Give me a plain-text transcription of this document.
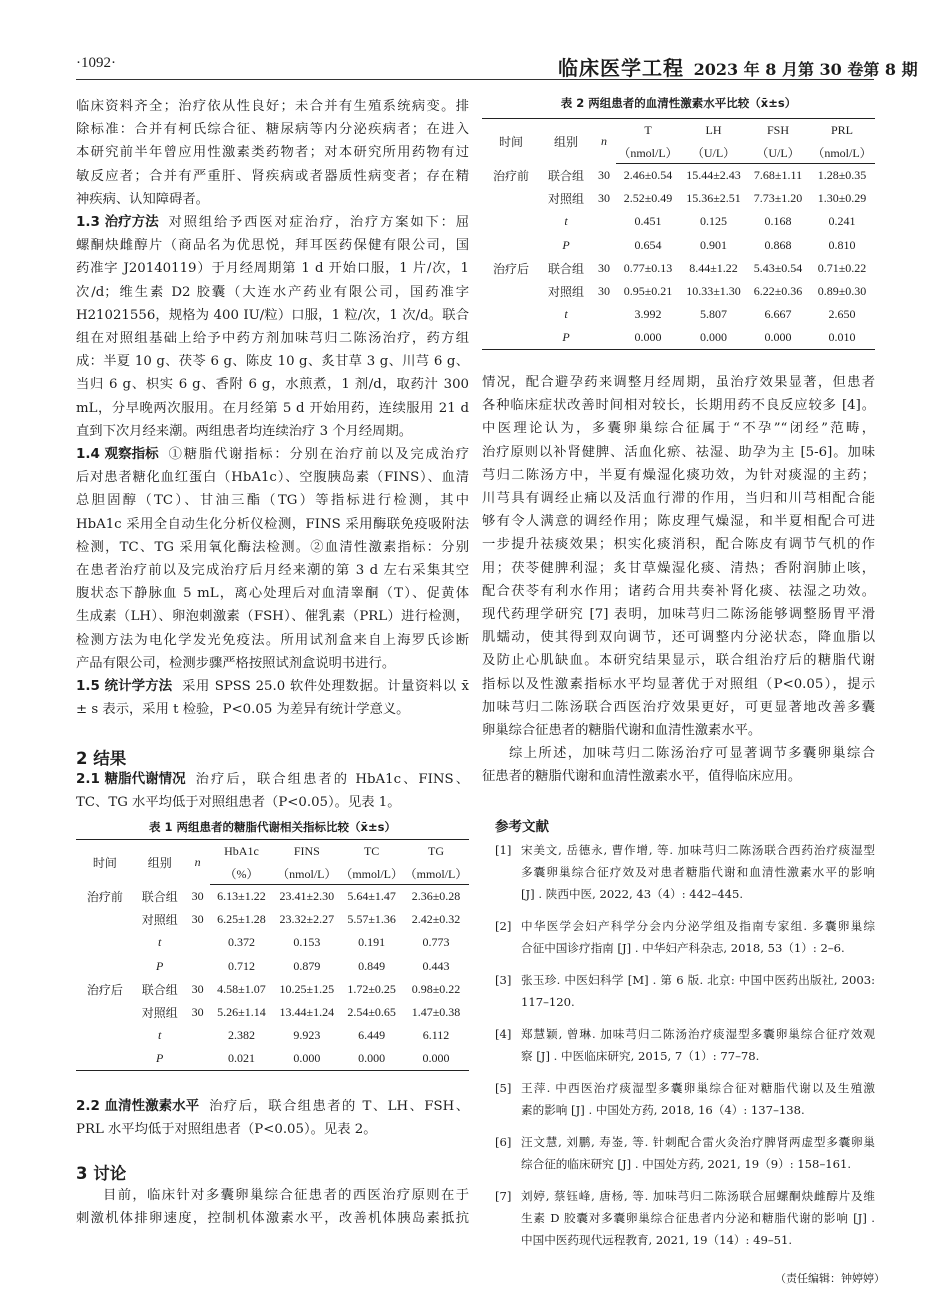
·1092·	临床医学工程 2023 年 8 月第 30 卷第 8 期
临床资料齐全；治疗依从性良好；未合并有生殖系统病变。排
除标准：合并有柯氏综合征、糖尿病等内分泌疾病者；在进入
本研究前半年曾应用性激素类药物者；对本研究所用药物有过
敏反应者；合并有严重肝、肾疾病或者器质性病变者；存在精
神疾病、认知障碍者。
1.3 治疗方法 对照组给予西医对症治疗，治疗方案如下：屈
螺酮炔雌醇片（商品名为优思悦，拜耳医药保健有限公司，国
药准字 J20140119）于月经周期第 1 d 开始口服，1 片/次，1
次/d；维生素 D2 胶囊（大连水产药业有限公司，国药准字
H21021556，规格为 400 IU/粒）口服，1 粒/次，1 次/d。联合
组在对照组基础上给予中药方剂加味芎归二陈汤治疗，药方组
成：半夏 10 g、茯苓 6 g、陈皮 10 g、炙甘草 3 g、川芎 6 g、
当归 6 g、枳实 6 g、香附 6 g，水煎煮，1 剂/d，取药汁 300
mL，分早晚两次服用。在月经第 5 d 开始用药，连续服用 21 d
直到下次月经来潮。两组患者均连续治疗 3 个月经周期。
1.4 观察指标 ①糖脂代谢指标：分别在治疗前以及完成治疗
后对患者糖化血红蛋白（HbA1c）、空腹胰岛素（FINS）、血清
总胆固醇（TC）、甘油三酯（TG）等指标进行检测，其中
HbA1c 采用全自动生化分析仪检测，FINS 采用酶联免疫吸附法
检测，TC、TG 采用氧化酶法检测。②血清性激素指标：分别
在患者治疗前以及完成治疗后月经来潮的第 3 d 左右采集其空
腹状态下静脉血 5 mL，离心处理后对血清睾酮（T）、促黄体
生成素（LH）、卵泡刺激素（FSH）、催乳素（PRL）进行检测，
检测方法为电化学发光免疫法。所用试剂盒来自上海罗氏诊断
产品有限公司，检测步骤严格按照试剂盒说明书进行。
1.5 统计学方法 采用 SPSS 25.0 软件处理数据。计量资料以 x̄
± s 表示，采用 t 检验，P<0.05 为差异有统计学意义。
2 结果
2.1 糖脂代谢情况 治疗后，联合组患者的 HbA1c、FINS、
TC、TG 水平均低于对照组患者（P<0.05）。见表 1。
表 1 两组患者的糖脂代谢相关指标比较（x̄±s）
时间	组别	n	HbA1c	FINS	TC	TG
			（%）	（nmol/L）	（mmol/L）	（mmol/L）
治疗前	联合组	30	6.13±1.22	23.41±2.30	5.64±1.47	2.36±0.28
	对照组	30	6.25±1.28	23.32±2.27	5.57±1.36	2.42±0.32
	t		0.372	0.153	0.191	0.773
	P		0.712	0.879	0.849	0.443
治疗后	联合组	30	4.58±1.07	10.25±1.25	1.72±0.25	0.98±0.22
	对照组	30	5.26±1.14	13.44±1.24	2.54±0.65	1.47±0.38
	t		2.382	9.923	6.449	6.112
	P		0.021	0.000	0.000	0.000
2.2 血清性激素水平 治疗后，联合组患者的 T、LH、FSH、
PRL 水平均低于对照组患者（P<0.05）。见表 2。
3 讨论
目前，临床针对多囊卵巢综合征患者的西医治疗原则在于
刺激机体排卵速度，控制机体激素水平，改善机体胰岛素抵抗
表 2 两组患者的血清性激素水平比较（x̄±s）
时间	组别	n	T	LH	FSH	PRL
			（nmol/L）	（U/L）	（U/L）	（nmol/L）
治疗前	联合组	30	2.46±0.54	15.44±2.43	7.68±1.11	1.28±0.35
	对照组	30	2.52±0.49	15.36±2.51	7.73±1.20	1.30±0.29
	t		0.451	0.125	0.168	0.241
	P		0.654	0.901	0.868	0.810
治疗后	联合组	30	0.77±0.13	8.44±1.22	5.43±0.54	0.71±0.22
	对照组	30	0.95±0.21	10.33±1.30	6.22±0.36	0.89±0.30
	t		3.992	5.807	6.667	2.650
	P		0.000	0.000	0.000	0.010
情况，配合避孕药来调整月经周期，虽治疗效果显著，但患者
各种临床症状改善时间相对较长，长期用药不良反应较多 [4]。
中医理论认为，多囊卵巢综合征属于“不孕”“闭经”范畴，
治疗原则以补肾健脾、活血化瘀、祛湿、助孕为主 [5-6]。加味
芎归二陈汤方中，半夏有燥湿化痰功效，为针对痰湿的主药；
川芎具有调经止痛以及活血行滞的作用，当归和川芎相配合能
够有令人满意的调经作用；陈皮理气燥湿，和半夏相配合可进
一步提升祛痰效果；枳实化痰消积，配合陈皮有调节气机的作
用；茯苓健脾利湿；炙甘草燥湿化痰、清热；香附润肺止咳，
配合茯苓有利水作用；诸药合用共奏补肾化痰、祛湿之功效。
现代药理学研究 [7] 表明，加味芎归二陈汤能够调整肠胃平滑
肌蠕动，使其得到双向调节，还可调整内分泌状态，降血脂以
及防止心肌缺血。本研究结果显示，联合组治疗后的糖脂代谢
指标以及性激素指标水平均显著优于对照组（P<0.05），提示
加味芎归二陈汤联合西医治疗效果更好，可更显著地改善多囊
卵巢综合征患者的糖脂代谢和血清性激素水平。
综上所述，加味芎归二陈汤治疗可显著调节多囊卵巢综合
征患者的糖脂代谢和血清性激素水平，值得临床应用。
参考文献
[1] 宋美文, 岳德永, 曹作增, 等. 加味芎归二陈汤联合西药治疗痰湿型
多囊卵巢综合征疗效及对患者糖脂代谢和血清性激素水平的影响
[J] . 陕西中医, 2022, 43（4）: 442–445.
[2] 中华医学会妇产科学分会内分泌学组及指南专家组. 多囊卵巢综
合征中国诊疗指南 [J] . 中华妇产科杂志, 2018, 53（1）: 2–6.
[3] 张玉珍. 中医妇科学 [M] . 第 6 版. 北京: 中国中医药出版社, 2003:
117–120.
[4] 郑慧颖, 曾琳. 加味芎归二陈汤治疗痰湿型多囊卵巢综合征疗效观
察 [J] . 中医临床研究, 2015, 7（1）: 77–78.
[5] 王萍. 中西医治疗痰湿型多囊卵巢综合征对糖脂代谢以及生殖激
素的影响 [J] . 中国处方药, 2018, 16（4）: 137–138.
[6] 汪文慧, 刘鹏, 寿崟, 等. 针刺配合雷火灸治疗脾肾两虚型多囊卵巢
综合征的临床研究 [J] . 中国处方药, 2021, 19（9）: 158–161.
[7] 刘婷, 蔡钰峰, 唐杨, 等. 加味芎归二陈汤联合屈螺酮炔雌醇片及维
生素 D 胶囊对多囊卵巢综合征患者内分泌和糖脂代谢的影响 [J] .
中国中医药现代远程教育, 2021, 19（14）: 49–51.
（责任编辑：钟婷婷）
